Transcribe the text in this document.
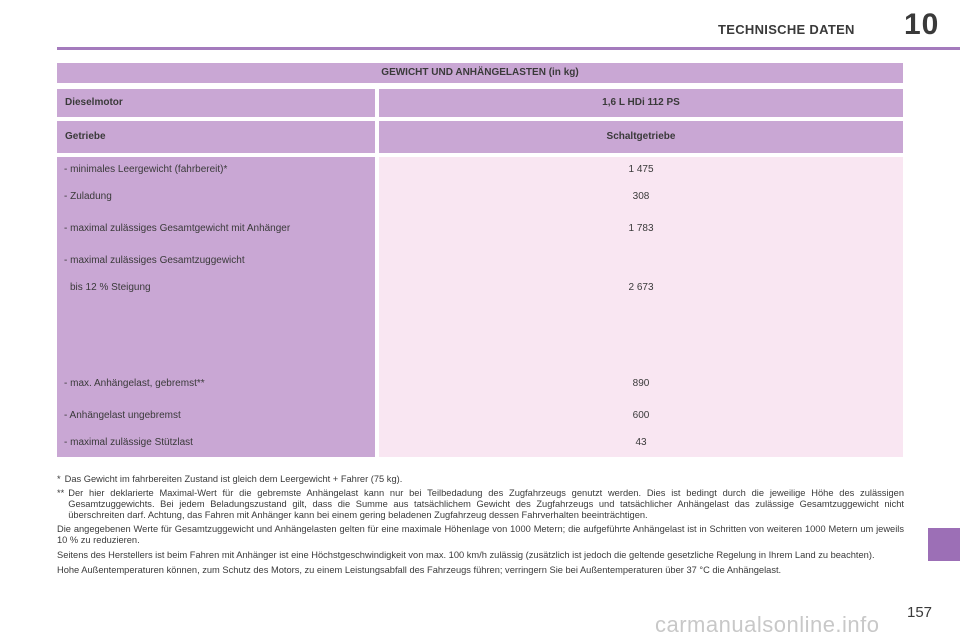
TECHNISCHE DATEN 10
GEWICHT UND ANHÄNGELASTEN (in kg)
Dieselmotor	1,6 L HDi 112 PS
Getriebe	Schaltgetriebe
- minimales Leergewicht (fahrbereit)*	1 475
- Zuladung	308
- maximal zulässiges Gesamtgewicht mit Anhänger	1 783
- maximal zulässiges Gesamtzuggewicht
bis 12 % Steigung	2 673
- max. Anhängelast, gebremst**	890
- Anhängelast ungebremst	600
- maximal zulässige Stützlast	43
* Das Gewicht im fahrbereiten Zustand ist gleich dem Leergewicht + Fahrer (75 kg).
** Der hier deklarierte Maximal-Wert für die gebremste Anhängelast kann nur bei Teilbedadung des Zugfahrzeugs genutzt werden. Dies ist bedingt durch die jeweilige Höhe des zulässigen Gesamtzuggewichts. Bei jedem Beladungszustand gilt, dass die Summe aus tatsächlichem Gewicht des Zugfahrzeugs und tatsächlicher Anhängelast das zulässige Gesamtzuggewicht nicht überschreiten darf. Achtung, das Fahren mit Anhänger kann bei einem gering beladenen Zugfahrzeug dessen Fahrverhalten beeinträchtigen.

Die angegebenen Werte für Gesamtzuggewicht und Anhängelasten gelten für eine maximale Höhenlage von 1000 Metern; die aufgeführte Anhängelast ist in Schritten von weiteren 1000 Metern um jeweils 10 % zu reduzieren.

Seitens des Herstellers ist beim Fahren mit Anhänger ist eine Höchstgeschwindigkeit von max. 100 km/h zulässig (zusätzlich ist jedoch die geltende gesetzliche Regelung in Ihrem Land zu beachten).

Hohe Außentemperaturen können, zum Schutz des Motors, zu einem Leistungsabfall des Fahrzeugs führen; verringern Sie bei Außentemperaturen über 37 °C die Anhängelast.

carmanualsonline.info 157
